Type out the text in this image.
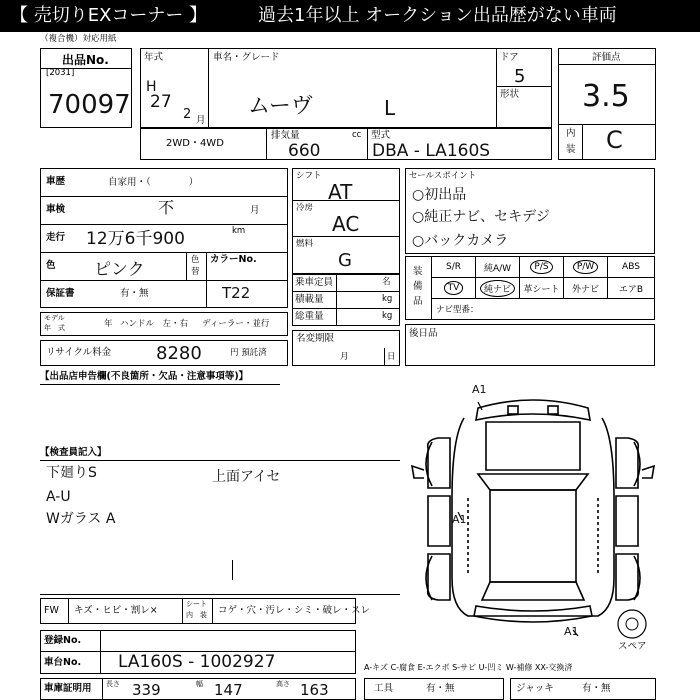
【 売切りEXコーナー 】	過去1年以上 オークション出品歴がない車両
（複合機）対応用紙
出品No.
[2031]
70097
年式
H
27
2 月
車名・グレード
ムーヴ	L
ドア
5
形状
評価点
3.5
内
装 C
2WD・4WD
排気量	cc
660
型式
DBA - LA160S
車歴	自家用・（　　　　）
車検	不	月
走行 12万6千900	km
色 ピンク	色
替
カラーNo.
T22
保証書	有・無
モデル
年　式	年 ハンドル　左・右 ディーラー・並行
リサイクル料金 8280	円 預託済
シフト
AT
冷房
AC
燃料
G
乗車定員	名
積載量	kg
総重量	kg
名変期限
月	日
セールスポイント
○初出品
○純正ナビ、セキデジ
○バックカメラ
装
備
品
S/R	純A/W	P/S	P/W	ABS
TV	純ナビ	革シート	外ナビ	エアB
ナビ型番：
後日品
【出品店申告欄(不良箇所・欠品・注意事項等)】
【検査員記入】
下廻りS
A-U
Wガラス A
上面アイセ
FW キズ・ヒビ・割レ×
シート
内　装 コゲ・穴・汚レ・シミ・破レ・スレ
登録No.
車台No. LA160S - 1002927	A-キズ C-腐食 E-エクボ S-サビ U-凹ミ W-補修 XX-交換済
車庫証明用 長さ 339	幅 147	高さ 163	工具	有・無	ジャッキ	有・無
A1
A1
A1
スペア
